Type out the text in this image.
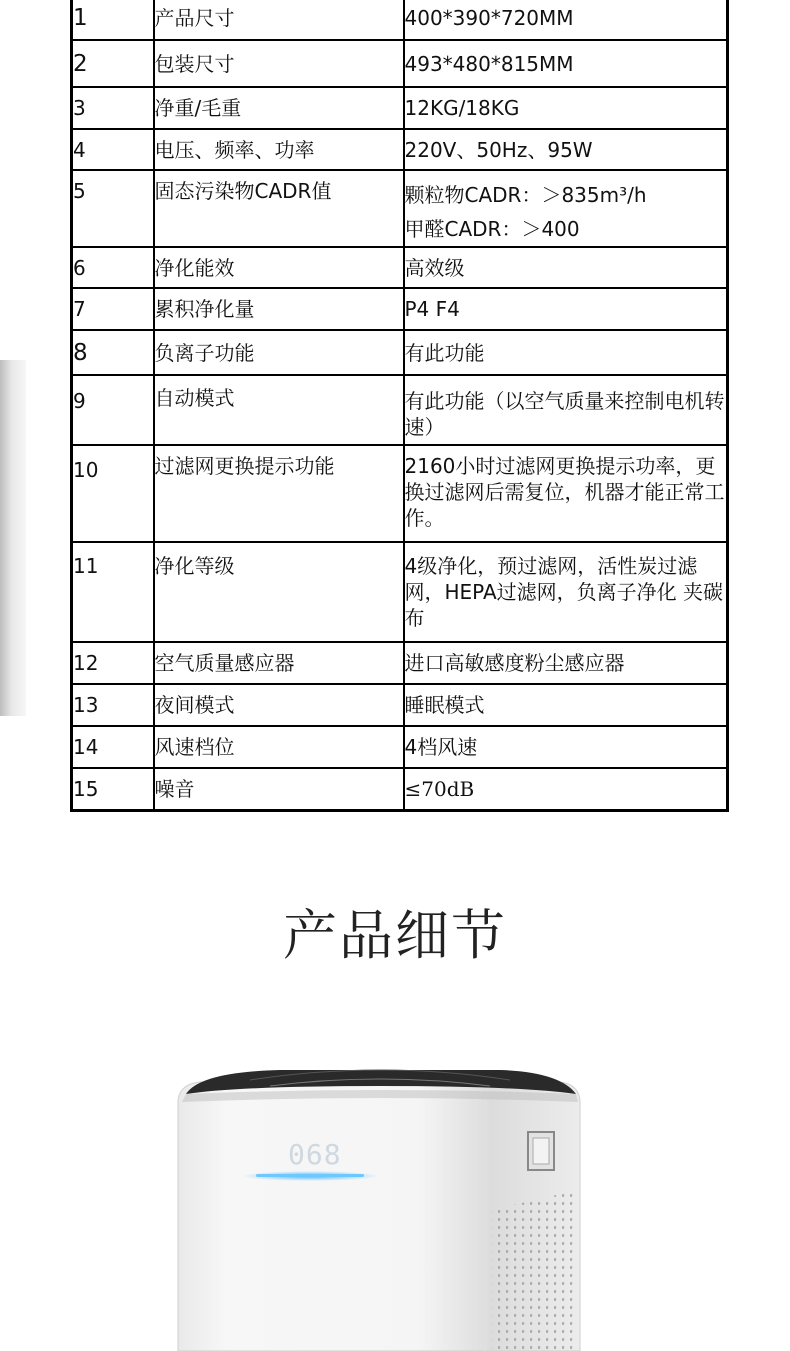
1	产品尺寸	400*390*720MM
2	包装尺寸	493*480*815MM
3	净重/毛重	12KG/18KG
4	电压、频率、功率	220V、50Hz、95W
5	固态污染物CADR值	颗粒物CADR：＞835m³/h
甲醛CADR：＞400

6	净化能效	高效级
7	累积净化量	P4 F4
8	负离子功能	有此功能
9	自动模式	有此功能（以空气质量来控制电机转速）
10	过滤网更换提示功能	2160小时过滤网更换提示功率，更换过滤网后需复位，机器才能正常工作。
11	净化等级	4级净化，预过滤网，活性炭过滤网，HEPA过滤网，负离子净化 夹碳布
12	空气质量感应器	进口高敏感度粉尘感应器
13	夜间模式	睡眠模式
14	风速档位	4档风速
15	噪音	≤70dB
产品细节
068
